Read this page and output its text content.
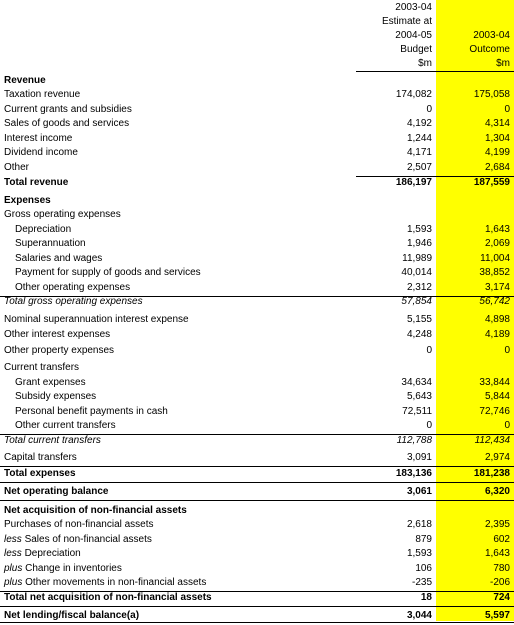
2003-04
Estimate at
2004-05
Budget
$m
2003-04
Outcome
$m
Revenue
Taxation revenue	174,082	175,058
Current grants and subsidies	0	0
Sales of goods and services	4,192	4,314
Interest income	1,244	1,304
Dividend income	4,171	4,199
Other	2,507	2,684
Total revenue	186,197	187,559
Expenses
Gross operating expenses
Depreciation	1,593	1,643
Superannuation	1,946	2,069
Salaries and wages	11,989	11,004
Payment for supply of goods and services	40,014	38,852
Other operating expenses	2,312	3,174
Total gross operating expenses	57,854	56,742
Nominal superannuation interest expense	5,155	4,898
Other interest expenses	4,248	4,189
Other property expenses	0	0
Current transfers
Grant expenses	34,634	33,844
Subsidy expenses	5,643	5,844
Personal benefit payments in cash	72,511	72,746
Other current transfers	0	0
Total current transfers	112,788	112,434
Capital transfers	3,091	2,974
Total expenses	183,136	181,238
Net operating balance	3,061	6,320
Net acquisition of non-financial assets
Purchases of non-financial assets	2,618	2,395
less Sales of non-financial assets	879	602
less Depreciation	1,593	1,643
plus Change in inventories	106	780
plus Other movements in non-financial assets	-235	-206
Total net acquisition of non-financial assets	18	724
Net lending/fiscal balance(a)	3,044	5,597
